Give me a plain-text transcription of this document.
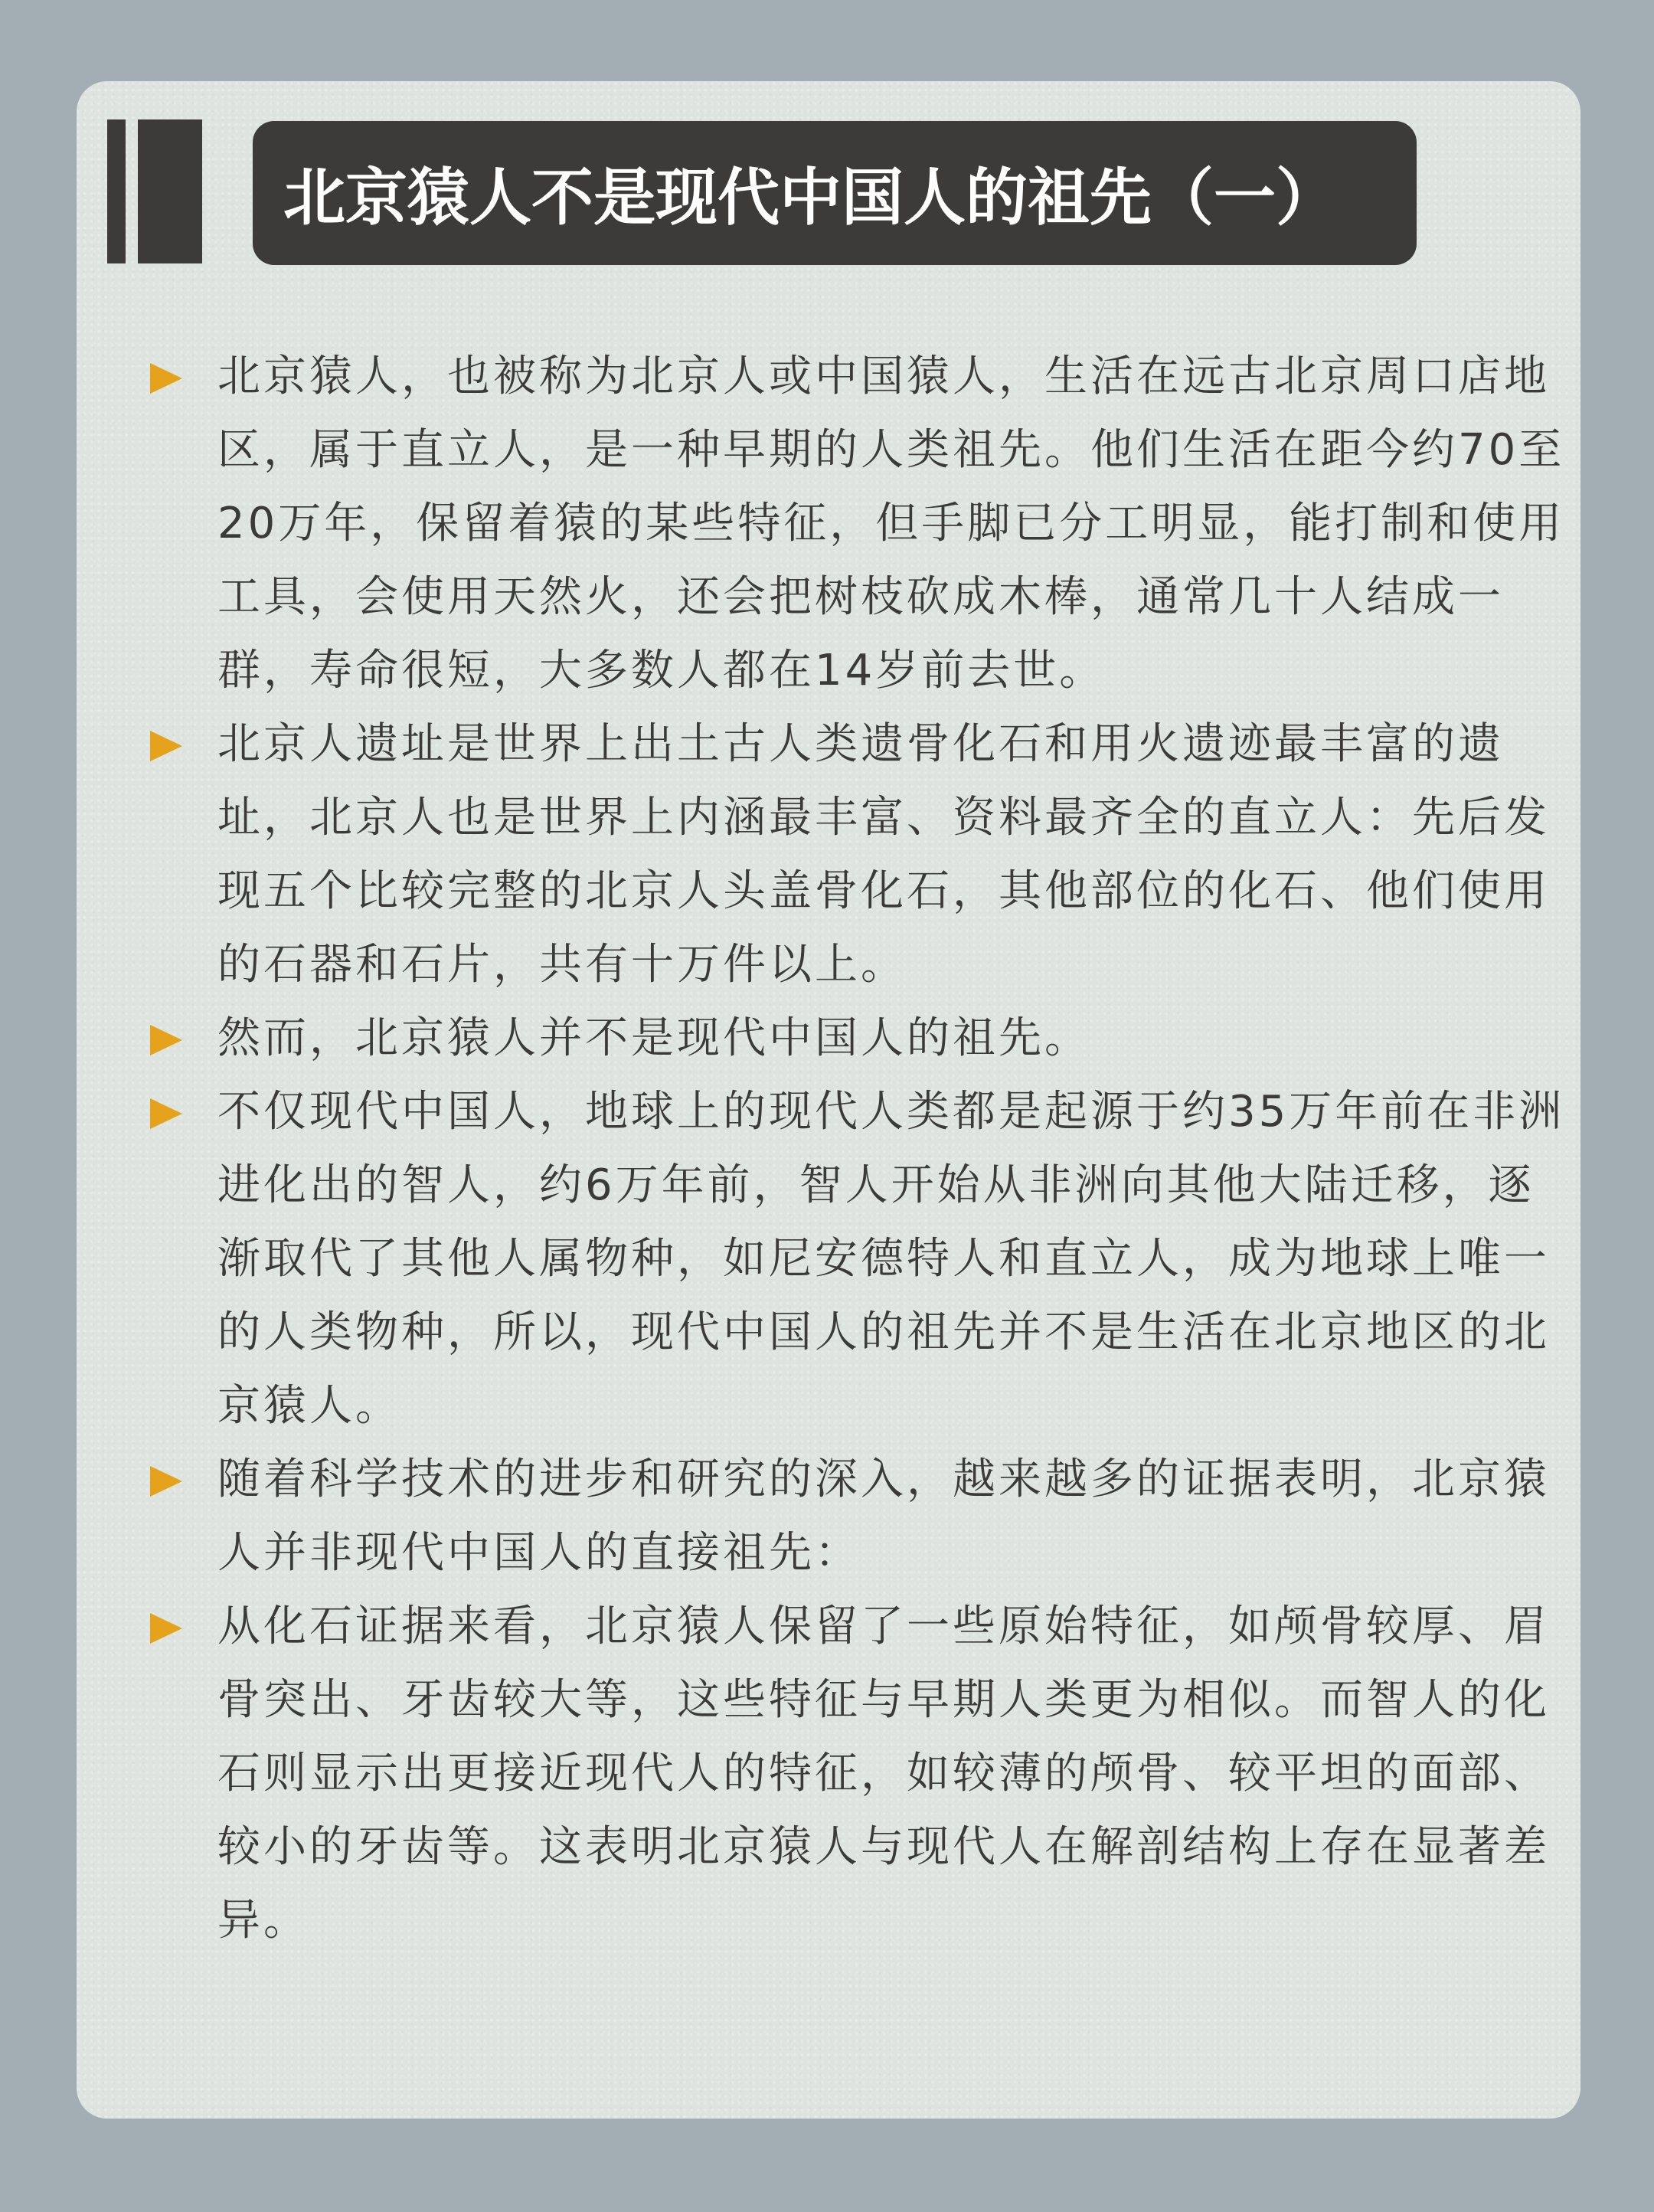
北京猿人不是现代中国人的祖先（一）
北京猿人，也被称为北京人或中国猿人，生活在远古北京周口店地区，属于直立人，是一种早期的人类祖先。他们生活在距今约70至20万年，保留着猿的某些特征，但手脚已分工明显，能打制和使用工具，会使用天然火，还会把树枝砍成木棒，通常几十人结成一群，寿命很短，大多数人都在14岁前去世。
北京人遗址是世界上出土古人类遗骨化石和用火遗迹最丰富的遗址，北京人也是世界上内涵最丰富、资料最齐全的直立人：先后发现五个比较完整的北京人头盖骨化石，其他部位的化石、他们使用的石器和石片，共有十万件以上。
然而，北京猿人并不是现代中国人的祖先。
不仅现代中国人，地球上的现代人类都是起源于约35万年前在非洲进化出的智人，约6万年前，智人开始从非洲向其他大陆迁移，逐渐取代了其他人属物种，如尼安德特人和直立人，成为地球上唯一的人类物种，所以，现代中国人的祖先并不是生活在北京地区的北京猿人。
随着科学技术的进步和研究的深入，越来越多的证据表明，北京猿人并非现代中国人的直接祖先：
从化石证据来看，北京猿人保留了一些原始特征，如颅骨较厚、眉骨突出、牙齿较大等，这些特征与早期人类更为相似。而智人的化石则显示出更接近现代人的特征，如较薄的颅骨、较平坦的面部、较小的牙齿等。这表明北京猿人与现代人在解剖结构上存在显著差异。
